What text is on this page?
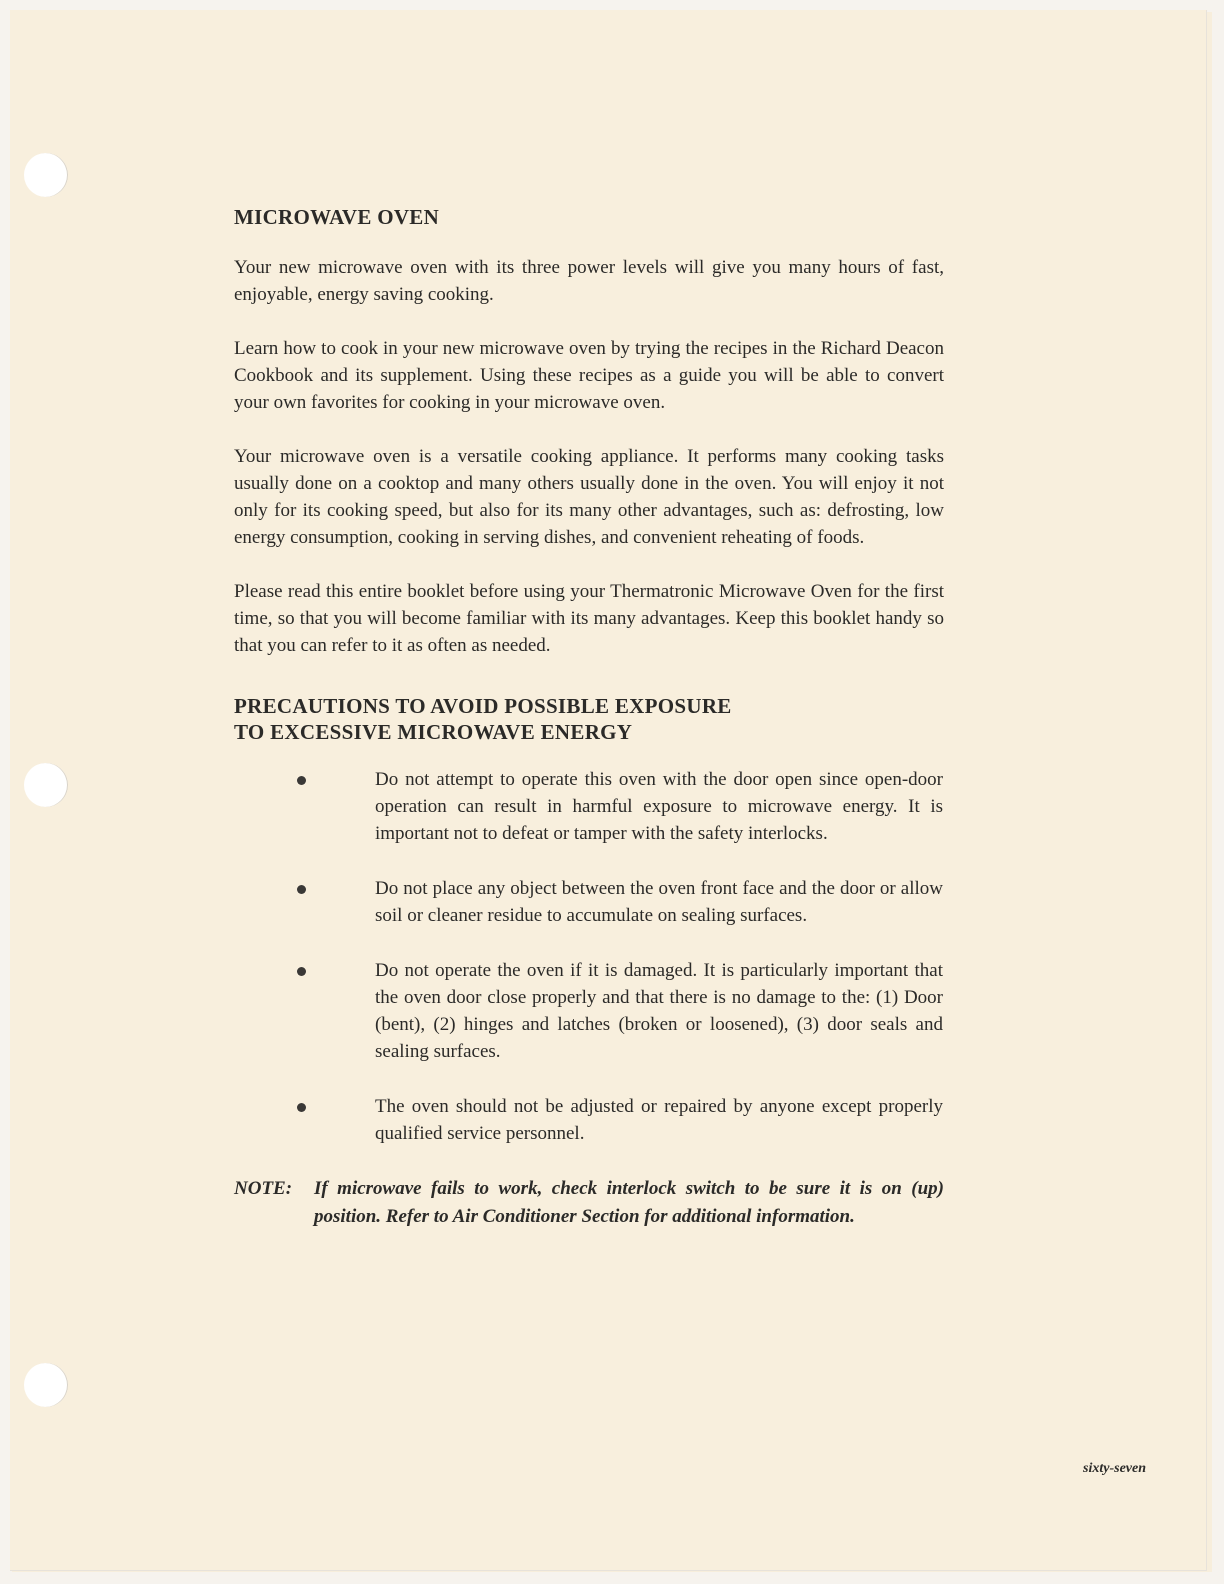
MICROWAVE OVEN

Your new microwave oven with its three power levels will give you many hours of fast, enjoyable, energy saving cooking.

Learn how to cook in your new microwave oven by trying the recipes in the Richard Deacon Cookbook and its supplement. Using these recipes as a guide you will be able to convert your own favorites for cooking in your microwave oven.

Your microwave oven is a versatile cooking appliance. It performs many cooking tasks usually done on a cooktop and many others usually done in the oven. You will enjoy it not only for its cooking speed, but also for its many other advantages, such as: defrosting, low energy consumption, cooking in serving dishes, and convenient reheating of foods.

Please read this entire booklet before using your Thermatronic Microwave Oven for the first time, so that you will become familiar with its many advantages. Keep this booklet handy so that you can refer to it as often as needed.

PRECAUTIONS TO AVOID POSSIBLE EXPOSURE
TO EXCESSIVE MICROWAVE ENERGY
Do not attempt to operate this oven with the door open since open-door operation can result in harmful exposure to microwave energy. It is important not to defeat or tamper with the safety interlocks.
Do not place any object between the oven front face and the door or allow soil or cleaner residue to accumulate on sealing surfaces.
Do not operate the oven if it is damaged. It is particularly important that the oven door close properly and that there is no damage to the: (1) Door (bent), (2) hinges and latches (broken or loosened), (3) door seals and sealing surfaces.
The oven should not be adjusted or repaired by anyone except properly qualified service personnel.
NOTE:	If microwave fails to work, check interlock switch to be sure it is on (up) position. Refer to Air Conditioner Section for additional information.
sixty-seven
